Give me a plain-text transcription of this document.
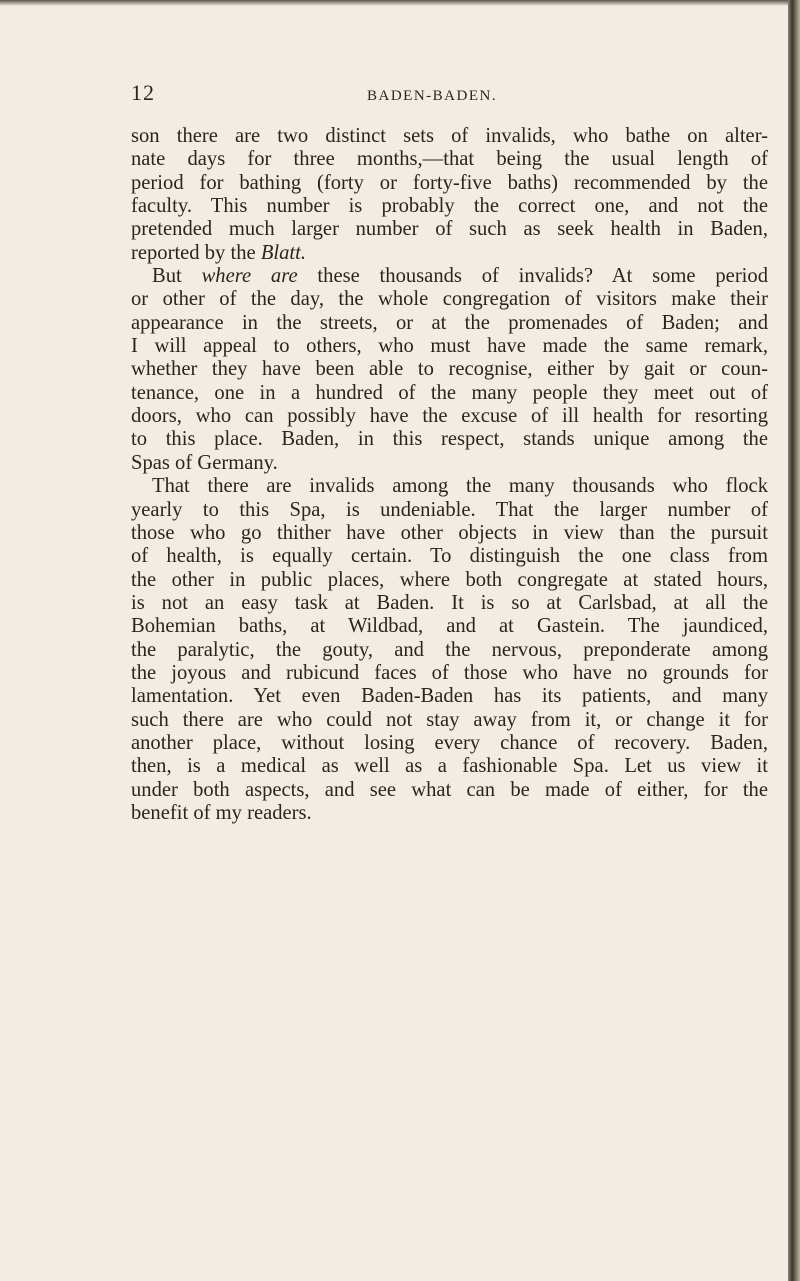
12	BADEN-BADEN.
son there are two distinct sets of invalids, who bathe on alter-
nate days for three months,—that being the usual length of
period for bathing (forty or forty-five baths) recommended by the
faculty. This number is probably the correct one, and not the
pretended much larger number of such as seek health in Baden,
reported by the Blatt.
But where are these thousands of invalids? At some period
or other of the day, the whole congregation of visitors make their
appearance in the streets, or at the promenades of Baden; and
I will appeal to others, who must have made the same remark,
whether they have been able to recognise, either by gait or coun-
tenance, one in a hundred of the many people they meet out of
doors, who can possibly have the excuse of ill health for resorting
to this place. Baden, in this respect, stands unique among the
Spas of Germany.
That there are invalids among the many thousands who flock
yearly to this Spa, is undeniable. That the larger number of
those who go thither have other objects in view than the pursuit
of health, is equally certain. To distinguish the one class from
the other in public places, where both congregate at stated hours,
is not an easy task at Baden. It is so at Carlsbad, at all the
Bohemian baths, at Wildbad, and at Gastein. The jaundiced,
the paralytic, the gouty, and the nervous, preponderate among
the joyous and rubicund faces of those who have no grounds for
lamentation. Yet even Baden-Baden has its patients, and many
such there are who could not stay away from it, or change it for
another place, without losing every chance of recovery. Baden,
then, is a medical as well as a fashionable Spa. Let us view it
under both aspects, and see what can be made of either, for the
benefit of my readers.
